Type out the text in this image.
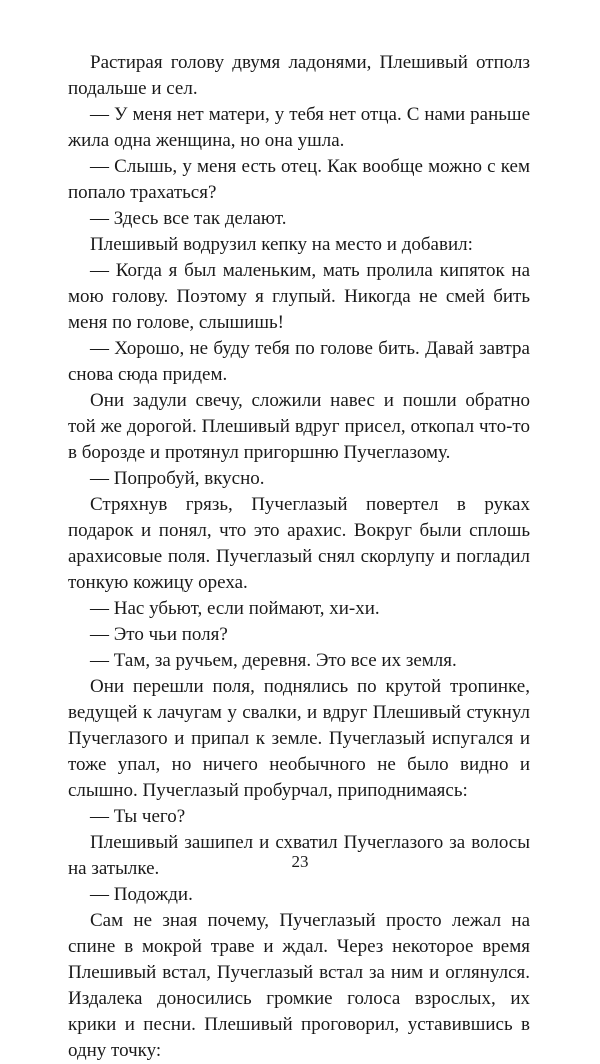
Растирая голову двумя ладонями, Плешивый отполз подальше и сел.

— У меня нет матери, у тебя нет отца. С нами раньше жила одна женщина, но она ушла.

— Слышь, у меня есть отец. Как вообще можно с кем попало трахаться?

— Здесь все так делают.

Плешивый водрузил кепку на место и добавил:

— Когда я был маленьким, мать пролила кипяток на мою голову. Поэтому я глупый. Никогда не смей бить меня по голове, слышишь!

— Хорошо, не буду тебя по голове бить. Давай завтра снова сюда придем.

Они задули свечу, сложили навес и пошли обратно той же дорогой. Плешивый вдруг присел, откопал что-то в борозде и протянул пригоршню Пучеглазому.

— Попробуй, вкусно.

Стряхнув грязь, Пучеглазый повертел в руках подарок и понял, что это арахис. Вокруг были сплошь арахисовые поля. Пучеглазый снял скорлупу и погладил тонкую кожицу ореха.

— Нас убьют, если поймают, хи-хи.

— Это чьи поля?

— Там, за ручьем, деревня. Это все их земля.

Они перешли поля, поднялись по крутой тропинке, ведущей к лачугам у свалки, и вдруг Плешивый стукнул Пучеглазого и припал к земле. Пучеглазый испугался и тоже упал, но ничего необычного не было видно и слышно. Пучеглазый пробурчал, приподнимаясь:

— Ты чего?

Плешивый зашипел и схватил Пучеглазого за волосы на затылке.

— Подожди.

Сам не зная почему, Пучеглазый просто лежал на спине в мокрой траве и ждал. Через некоторое время Плешивый встал, Пучеглазый встал за ним и оглянулся. Издалека доносились громкие голоса взрослых, их крики и песни. Плешивый проговорил, уставившись в одну точку:

23
